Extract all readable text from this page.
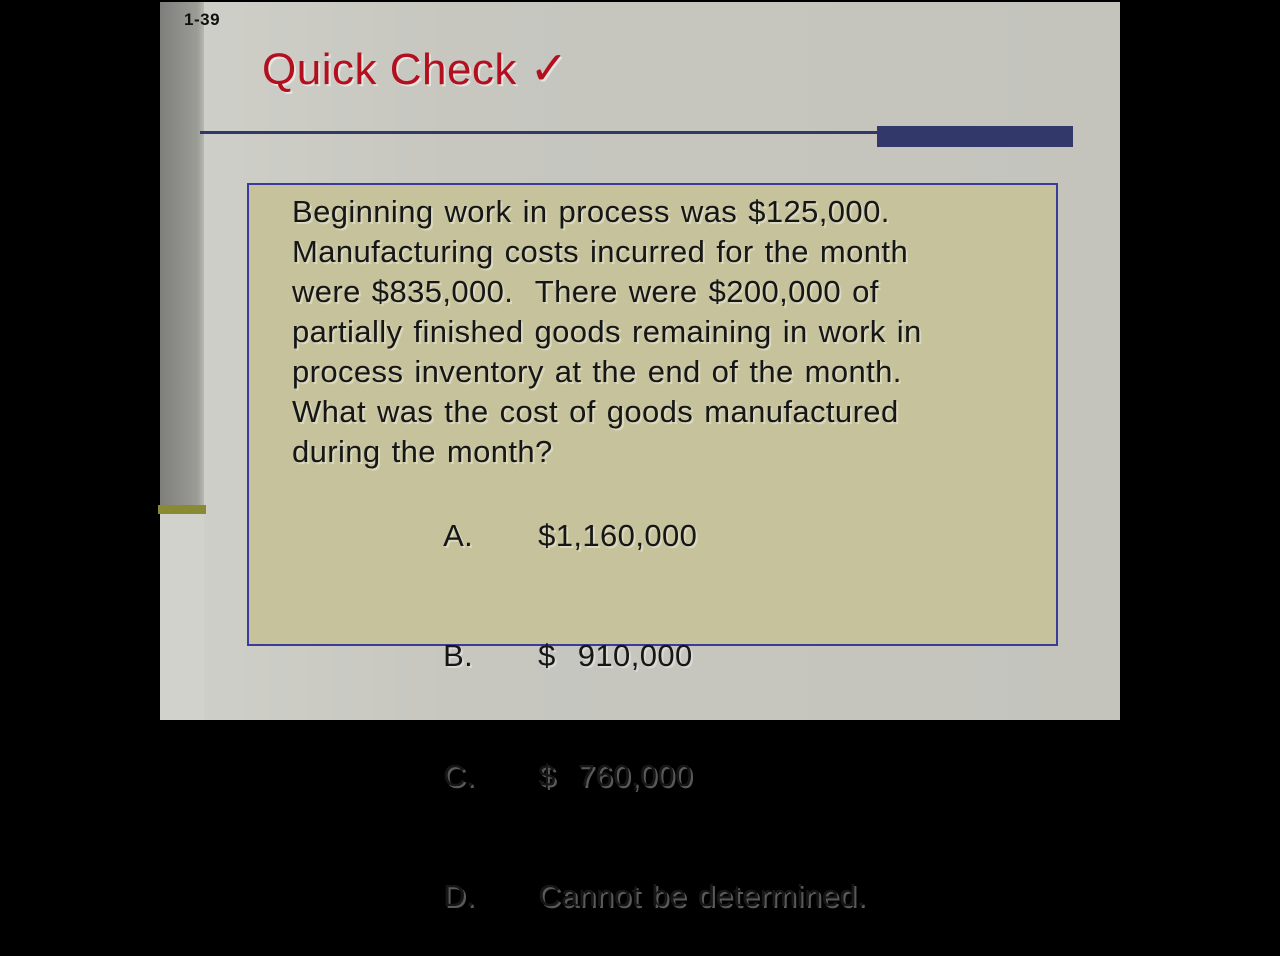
1-39
Quick Check ✓
Beginning work in process was $125,000.
Manufacturing costs incurred for the month
were $835,000.  There were $200,000 of
partially finished goods remaining in work in
process inventory at the end of the month.
What was the cost of goods manufactured
during the month?

A. $1,160,000

B. $  910,000

C. $  760,000

D. Cannot be determined.
